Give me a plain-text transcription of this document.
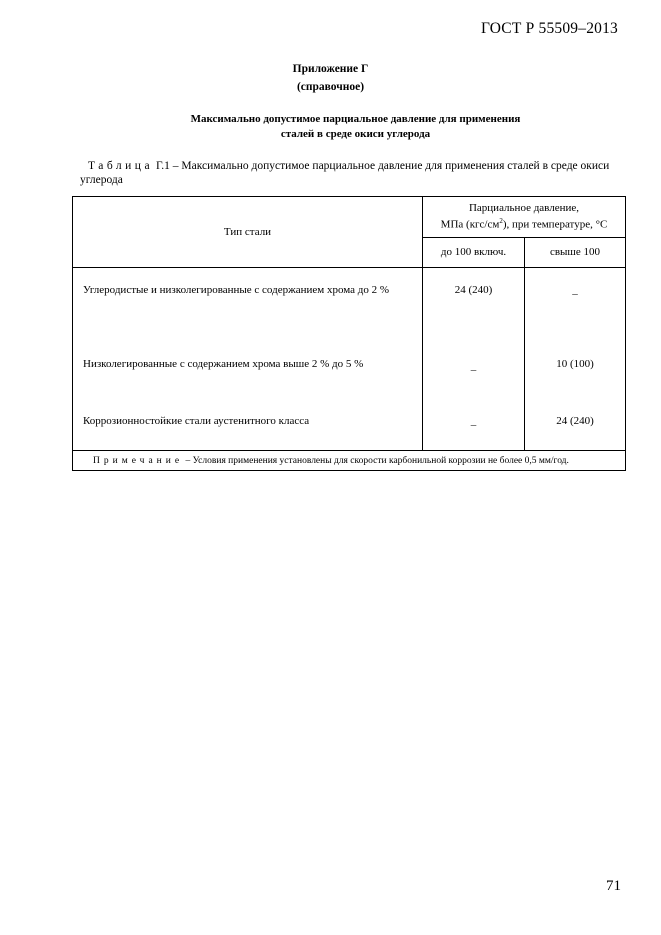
ГОСТ Р 55509–2013
Приложение Г
(справочное)
Максимально допустимое парциальное давление для применения
сталей в среде окиси углерода
Таблица Г.1 – Максимально допустимое парциальное давление для применения сталей в среде окиси углерода
Тип стали	Парциальное давление,
МПа $(кгс/см^2)$, при температуре, °С	

	до 100 включ.	свыше 100
Углеродистые и низколегированные с содержанием хрома до 2 %	24 (240)	–
Низколегированные с содержанием хрома выше 2 % до 5 %	–	10 (100)
Коррозионностойкие стали аустенитного класса	–	24 (240)
Примечание – Условия применения установлены для скорости карбонильной коррозии не более 0,5 мм/год.		
71
